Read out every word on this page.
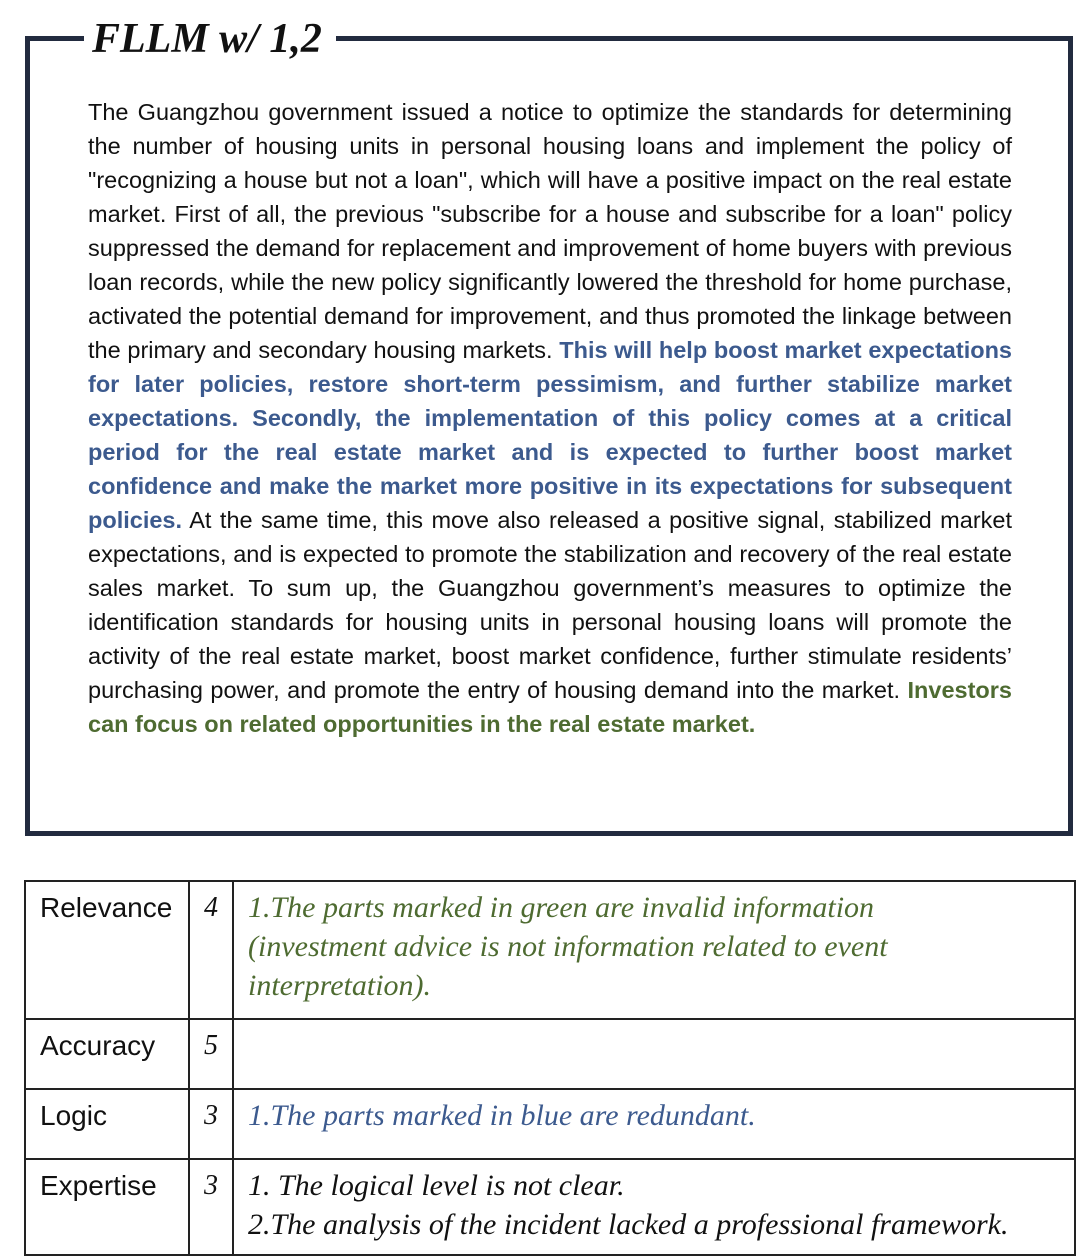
FLLM w/ 1,2
The Guangzhou government issued a notice to optimize the standards for determining the number of housing units in personal housing loans and implement the policy of "recognizing a house but not a loan", which will have a positive impact on the real estate market. First of all, the previous "subscribe for a house and subscribe for a loan" policy suppressed the demand for replacement and improvement of home buyers with previous loan records, while the new policy significantly lowered the threshold for home purchase, activated the potential demand for improvement, and thus promoted the linkage between the primary and secondary housing markets. This will help boost market expectations for later policies, restore short-term pessimism, and further stabilize market expectations. Secondly, the implementation of this policy comes at a critical period for the real estate market and is expected to further boost market confidence and make the market more positive in its expectations for subsequent policies. At the same time, this move also released a positive signal, stabilized market expectations, and is expected to promote the stabilization and recovery of the real estate sales market. To sum up, the Guangzhou government’s measures to optimize the identification standards for housing units in personal housing loans will promote the activity of the real estate market, boost market confidence, further stimulate residents’ purchasing power, and promote the entry of housing demand into the market. Investors can focus on related opportunities in the real estate market.
Relevance	4	1.The parts marked in green are invalid information
(investment advice is not information related to event
interpretation).

Accuracy	5	
Logic	3	1.The parts marked in blue are redundant.

Expertise	3	1. The logical level is not clear.
2.The analysis of the incident lacked a professional framework.
